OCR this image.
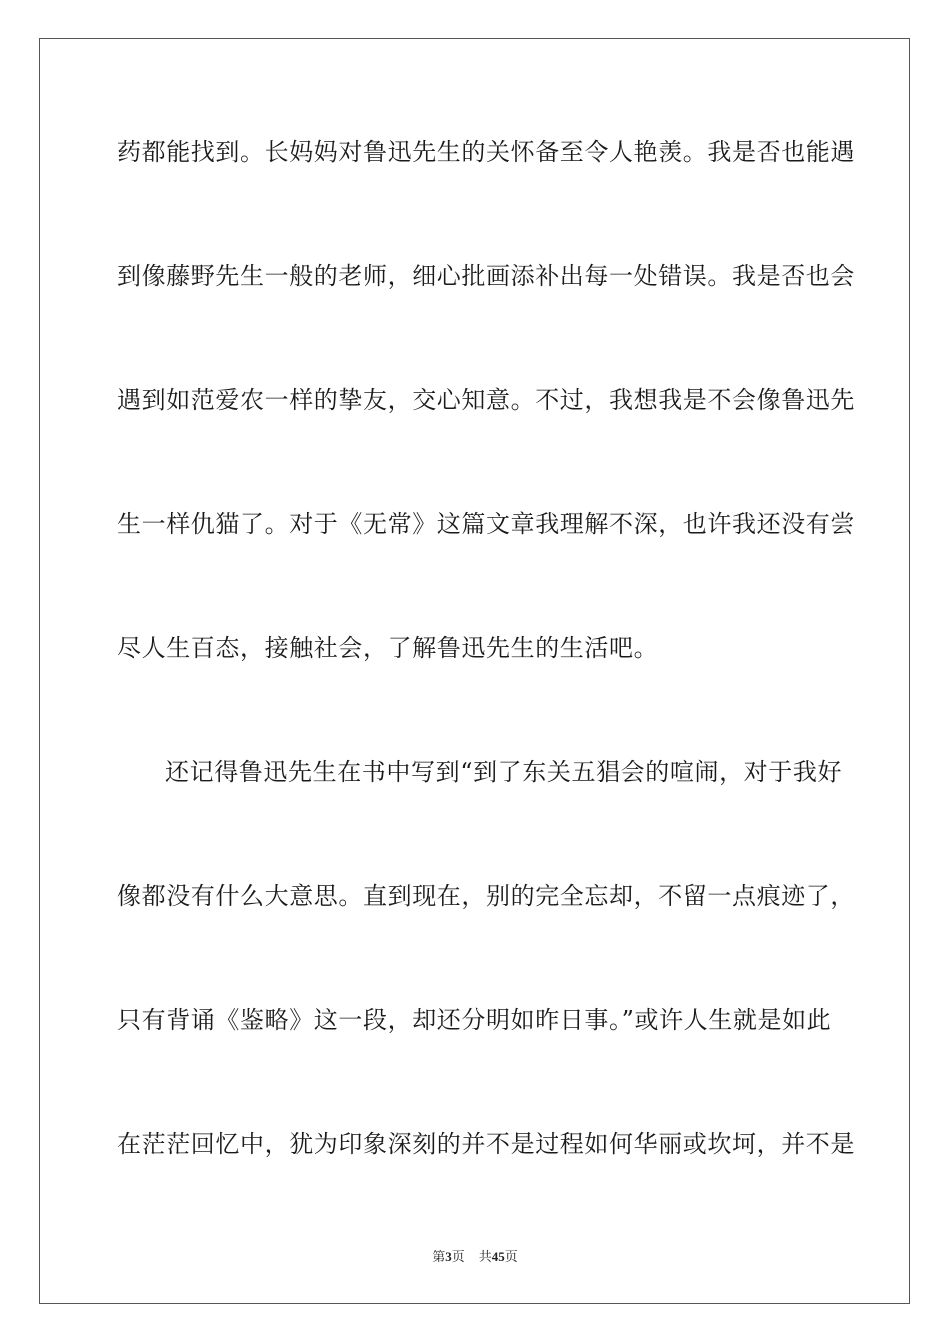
药都能找到。长妈妈对鲁迅先生的关怀备至令人艳羡。我是否也能遇
到像藤野先生一般的老师，细心批画添补出每一处错误。我是否也会
遇到如范爱农一样的挚友，交心知意。不过，我想我是不会像鲁迅先
生一样仇猫了。对于《无常》这篇文章我理解不深，也许我还没有尝
尽人生百态，接触社会，了解鲁迅先生的生活吧。
还记得鲁迅先生在书中写到“到了东关五猖会的喧闹，对于我好
像都没有什么大意思。直到现在，别的完全忘却，不留一点痕迹了，
只有背诵《鉴略》这一段，却还分明如昨日事。”或许人生就是如此
在茫茫回忆中，犹为印象深刻的并不是过程如何华丽或坎坷，并不是
第3页 共45页
